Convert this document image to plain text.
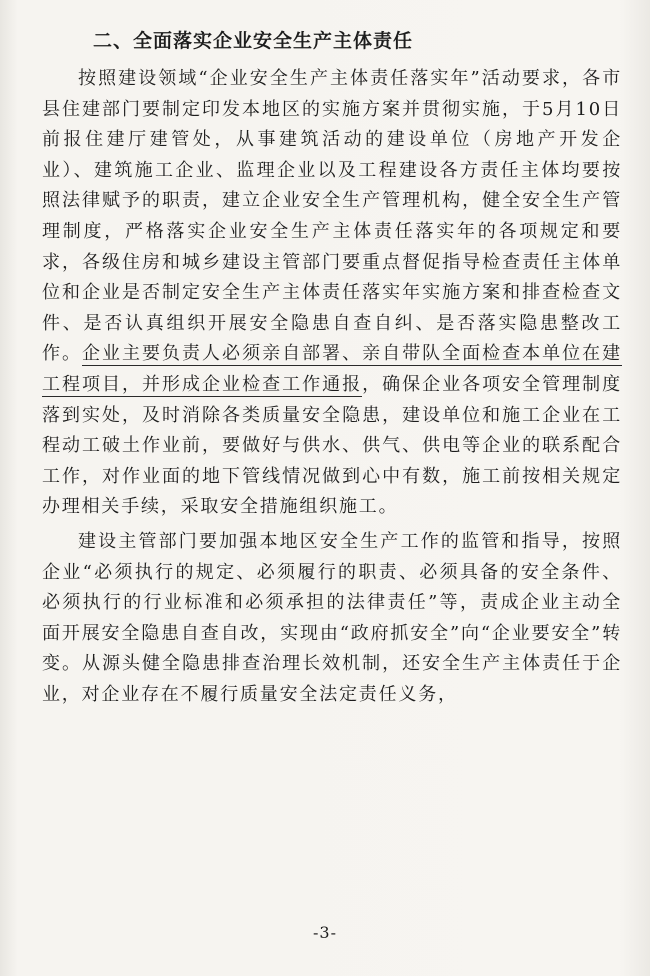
二、全面落实企业安全生产主体责任

按照建设领域“企业安全生产主体责任落实年”活动要求，各市县住建部门要制定印发本地区的实施方案并贯彻实施，于5月10日前报住建厅建管处，从事建筑活动的建设单位（房地产开发企业）、建筑施工企业、监理企业以及工程建设各方责任主体均要按照法律赋予的职责，建立企业安全生产管理机构，健全安全生产管理制度，严格落实企业安全生产主体责任落实年的各项规定和要求，各级住房和城乡建设主管部门要重点督促指导检查责任主体单位和企业是否制定安全生产主体责任落实年实施方案和排查检查文件、是否认真组织开展安全隐患自查自纠、是否落实隐患整改工作。企业主要负责人必须亲自部署、亲自带队全面检查本单位在建工程项目，并形成企业检查工作通报，确保企业各项安全管理制度落到实处，及时消除各类质量安全隐患，建设单位和施工企业在工程动工破土作业前，要做好与供水、供气、供电等企业的联系配合工作，对作业面的地下管线情况做到心中有数，施工前按相关规定办理相关手续，采取安全措施组织施工。

建设主管部门要加强本地区安全生产工作的监管和指导，按照企业“必须执行的规定、必须履行的职责、必须具备的安全条件、必须执行的行业标准和必须承担的法律责任”等，责成企业主动全面开展安全隐患自查自改，实现由“政府抓安全”向“企业要安全”转变。从源头健全隐患排查治理长效机制，还安全生产主体责任于企业，对企业存在不履行质量安全法定责任义务，

-3-
